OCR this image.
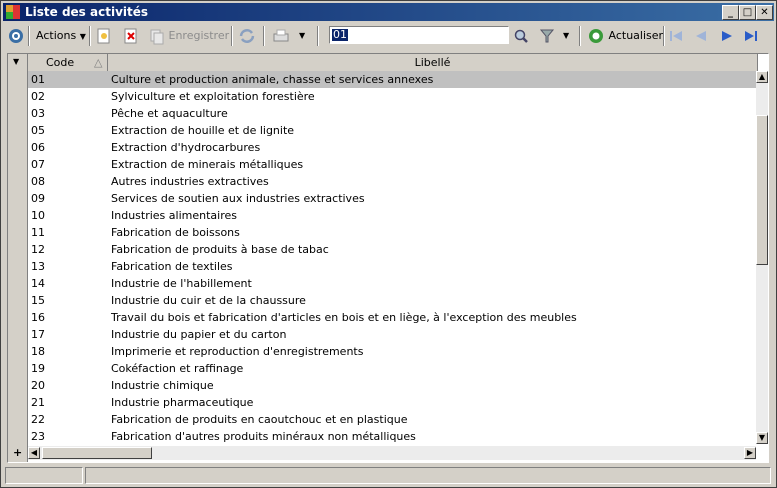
Liste des activités	_ □ ✕
Actions ▼	Enregistrer	▼	01	▼	Actualiser
▼ Code △	Libellé
01	Culture et production animale, chasse et services annexes
02	Sylviculture et exploitation forestière
03	Pêche et aquaculture
05	Extraction de houille et de lignite
06	Extraction d'hydrocarbures
07	Extraction de minerais métalliques
08	Autres industries extractives
09	Services de soutien aux industries extractives
10	Industries alimentaires
11	Fabrication de boissons
12	Fabrication de produits à base de tabac
13	Fabrication de textiles
14	Industrie de l'habillement
15	Industrie du cuir et de la chaussure
16	Travail du bois et fabrication d'articles en bois et en liège, à l'exception des meubles
17	Industrie du papier et du carton
18	Imprimerie et reproduction d'enregistrements
19	Cokéfaction et raffinage
20	Industrie chimique
21	Industrie pharmaceutique
22	Fabrication de produits en caoutchouc et en plastique
23	Fabrication d'autres produits minéraux non métalliques
▲
▼
◀	▶
+
